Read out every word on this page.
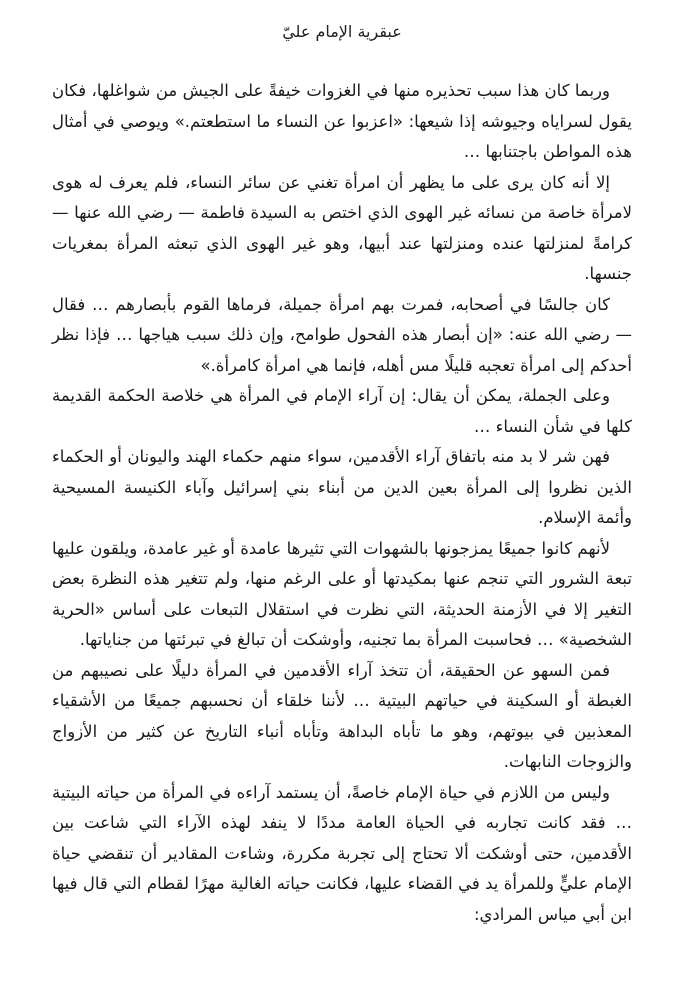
عبقرية الإمام عليّ

وربما كان هذا سبب تحذيره منها في الغزوات خيفةً على الجيش من شواغلها، فكان يقول لسراياه وجيوشه إذا شيعها: «اعزبوا عن النساء ما استطعتم.» ويوصي في أمثال هذه المواطن باجتنابها …

إلا أنه كان يرى على ما يظهر أن امرأة تغني عن سائر النساء، فلم يعرف له هوى لامرأة خاصة من نسائه غير الهوى الذي اختص به السيدة فاطمة — رضي الله عنها — كرامةً لمنزلتها عنده ومنزلتها عند أبيها، وهو غير الهوى الذي تبعثه المرأة بمغريات جنسها.

كان جالسًا في أصحابه، فمرت بهم امرأة جميلة، فرماها القوم بأبصارهم … فقال — رضي الله عنه: «إن أبصار هذه الفحول طوامح، وإن ذلك سبب هياجها … فإذا نظر أحدكم إلى امرأة تعجبه قليلًا مس أهله، فإنما هي امرأة كامرأة.»

وعلى الجملة، يمكن أن يقال: إن آراء الإمام في المرأة هي خلاصة الحكمة القديمة كلها في شأن النساء …

فهن شر لا بد منه باتفاق آراء الأقدمين، سواء منهم حكماء الهند واليونان أو الحكماء الذين نظروا إلى المرأة بعين الدين من أبناء بني إسرائيل وآباء الكنيسة المسيحية وأئمة الإسلام.

لأنهم كانوا جميعًا يمزجونها بالشهوات التي تثيرها عامدة أو غير عامدة، ويلقون عليها تبعة الشرور التي تنجم عنها بمكيدتها أو على الرغم منها، ولم تتغير هذه النظرة بعض التغير إلا في الأزمنة الحديثة، التي نظرت في استقلال التبعات على أساس «الحرية الشخصية» … فحاسبت المرأة بما تجنيه، وأوشكت أن تبالغ في تبرئتها من جناياتها.

فمن السهو عن الحقيقة، أن تتخذ آراء الأقدمين في المرأة دليلًا على نصيبهم من الغبطة أو السكينة في حياتهم البيتية … لأننا خلقاء أن نحسبهم جميعًا من الأشقياء المعذبين في بيوتهم، وهو ما تأباه البداهة وتأباه أنباء التاريخ عن كثير من الأزواج والزوجات النابهات.

وليس من اللازم في حياة الإمام خاصةً، أن يستمد آراءه في المرأة من حياته البيتية … فقد كانت تجاربه في الحياة العامة مددًا لا ينفد لهذه الآراء التي شاعت بين الأقدمين، حتى أوشكت ألا تحتاج إلى تجربة مكررة، وشاءت المقادير أن تنقضي حياة الإمام عليٍّ وللمرأة يد في القضاء عليها، فكانت حياته الغالية مهرًا لقطام التي قال فيها ابن أبي مياس المرادي:
